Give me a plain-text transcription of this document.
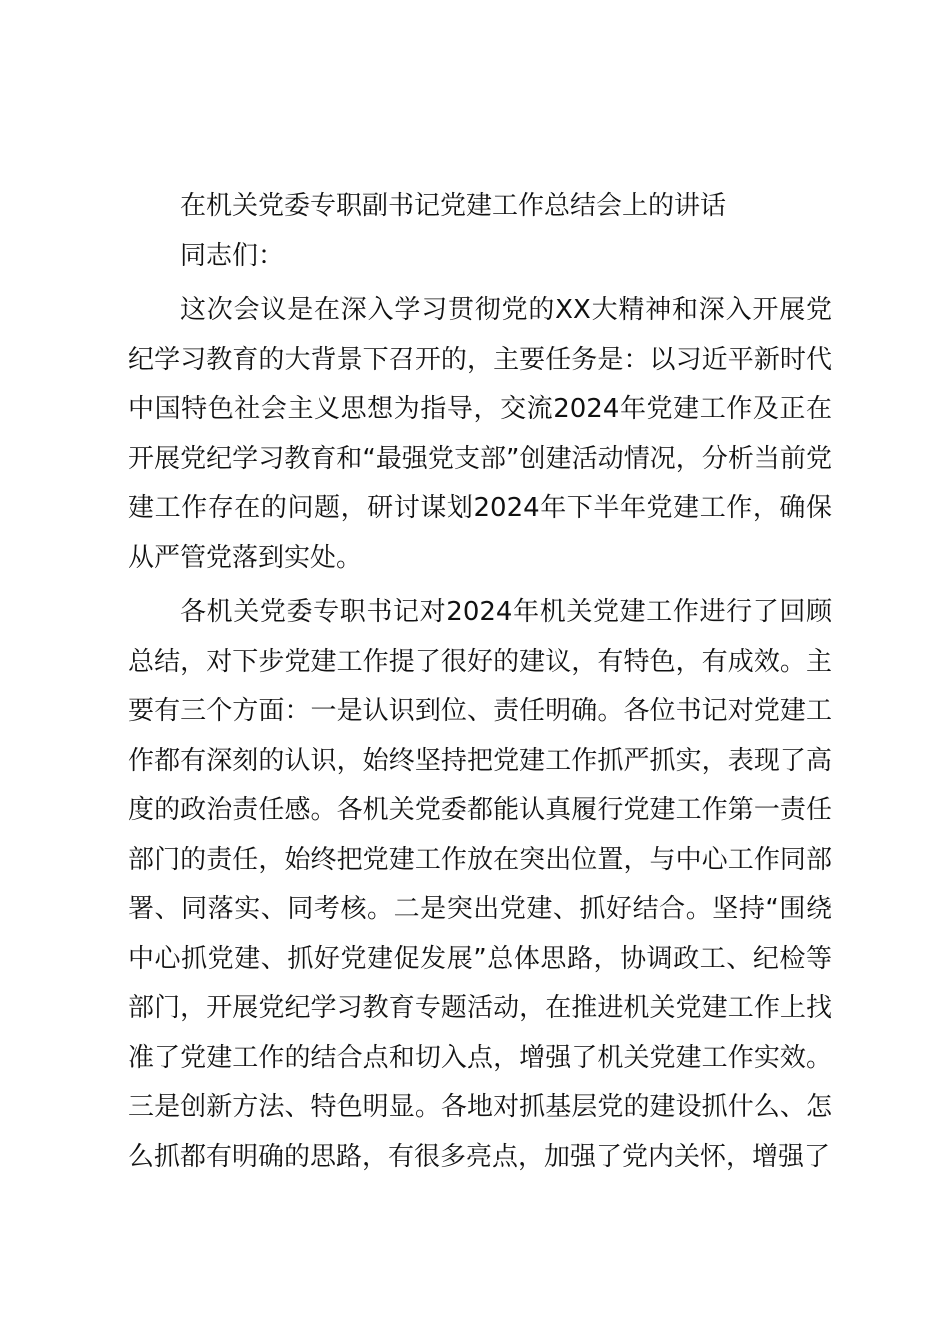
在机关党委专职副书记党建工作总结会上的讲话

同志们：

这次会议是在深入学习贯彻党的XX大精神和深入开展党纪学习教育的大背景下召开的，主要任务是：以习近平新时代中国特色社会主义思想为指导，交流2024年党建工作及正在开展党纪学习教育和“最强党支部”创建活动情况，分析当前党建工作存在的问题，研讨谋划2024年下半年党建工作，确保从严管党落到实处。

各机关党委专职书记对2024年机关党建工作进行了回顾总结，对下步党建工作提了很好的建议，有特色，有成效。主要有三个方面：一是认识到位、责任明确。各位书记对党建工作都有深刻的认识，始终坚持把党建工作抓严抓实，表现了高度的政治责任感。各机关党委都能认真履行党建工作第一责任部门的责任，始终把党建工作放在突出位置，与中心工作同部署、同落实、同考核。二是突出党建、抓好结合。坚持“围绕中心抓党建、抓好党建促发展”总体思路，协调政工、纪检等部门，开展党纪学习教育专题活动，在推进机关党建工作上找准了党建工作的结合点和切入点，增强了机关党建工作实效。三是创新方法、特色明显。各地对抓基层党的建设抓什么、怎么抓都有明确的思路，有很多亮点，加强了党内关怀，增强了
